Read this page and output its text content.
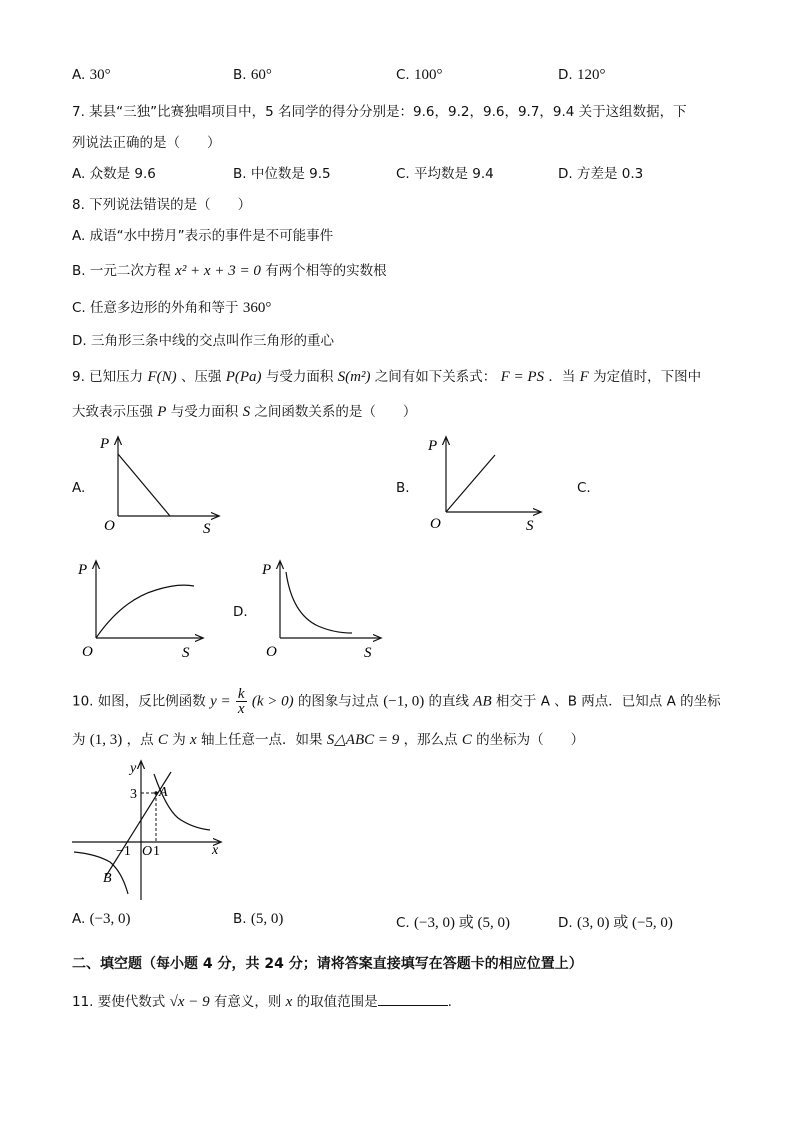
A. 30°	B. 60°	C. 100°	D. 120°
7. 某县“三独”比赛独唱项目中，5 名同学的得分分别是：9.6，9.2，9.6，9.7，9.4 关于这组数据，下
列说法正确的是（　　）
A. 众数是 9.6	B. 中位数是 9.5	C. 平均数是 9.4	D. 方差是 0.3
8. 下列说法错误的是（　　）
A. 成语“水中捞月”表示的事件是不可能事件
B. 一元二次方程 x² + x + 3 = 0 有两个相等的实数根
C. 任意多边形的外角和等于 360°
D. 三角形三条中线的交点叫作三角形的重心
9. 已知压力 F(N) 、压强 P(Pa) 与受力面积 S(m²) 之间有如下关系式： F = PS ．当 F 为定值时，下图中
大致表示压强 P 与受力面积 S 之间函数关系的是（　　）
A.	B.	C.
D.
P
O	S
P
O	S
P
O	S
P
O	S
10. 如图，反比例函数 $y = \frac{k}{x} (k > 0)$ 的图象与过点 (−1, 0) 的直线 AB 相交于 A 、B 两点．已知点 A 的坐标
为 (1, 3) ，点 C 为 x 轴上任意一点．如果 S△ABC = 9 ，那么点 C 的坐标为（　　）
y
x
3 A
B
−1 O 1
A. (−3, 0)	B. (5, 0)	C. (−3, 0) 或 (5, 0)	D. (3, 0) 或 (−5, 0)
二、填空题（每小题 4 分，共 24 分；请将答案直接填写在答题卡的相应位置上）
11. 要使代数式 √x − 9 有意义，则 x 的取值范围是	.
